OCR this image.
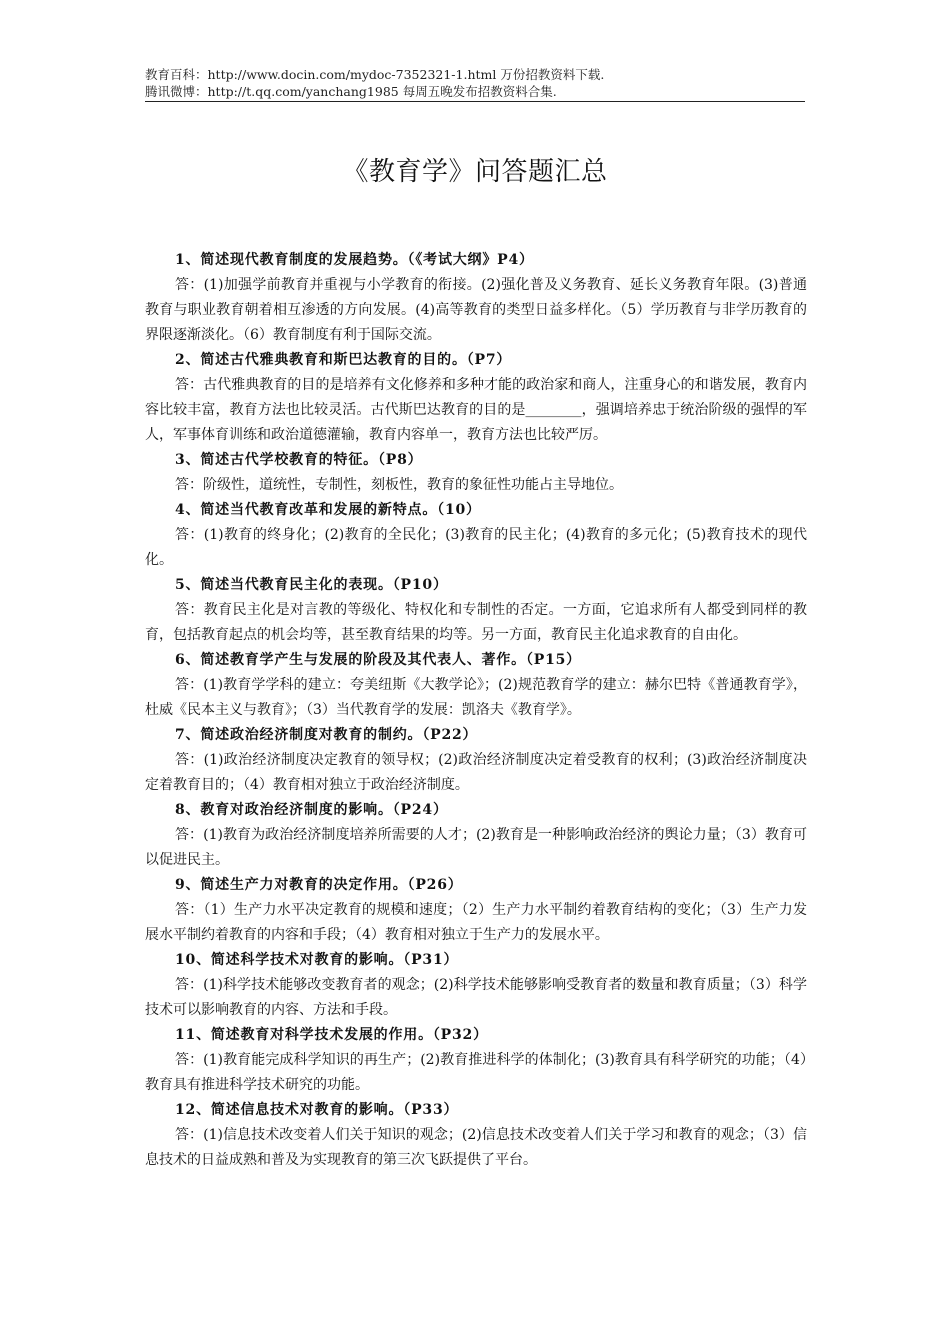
教育百科：http://www.docin.com/mydoc-7352321-1.html 万份招教资料下载.
腾讯微博：http://t.qq.com/yanchang1985 每周五晚发布招教资料合集.
《教育学》问答题汇总
1、简述现代教育制度的发展趋势。（《考试大纲》P4）
答：(1)加强学前教育并重视与小学教育的衔接。(2)强化普及义务教育、延长义务教育年限。(3)普通教育与职业教育朝着相互渗透的方向发展。(4)高等教育的类型日益多样化。（5）学历教育与非学历教育的界限逐渐淡化。（6）教育制度有利于国际交流。
2、简述古代雅典教育和斯巴达教育的目的。（P7）
答：古代雅典教育的目的是培养有文化修养和多种才能的政治家和商人，注重身心的和谐发展，教育内容比较丰富，教育方法也比较灵活。古代斯巴达教育的目的是________，强调培养忠于统治阶级的强悍的军人，军事体育训练和政治道德灌输，教育内容单一，教育方法也比较严厉。
3、简述古代学校教育的特征。（P8）
答：阶级性，道统性，专制性，刻板性，教育的象征性功能占主导地位。
4、简述当代教育改革和发展的新特点。（10）
答：(1)教育的终身化；(2)教育的全民化；(3)教育的民主化；(4)教育的多元化；(5)教育技术的现代化。
5、简述当代教育民主化的表现。（P10）
答：教育民主化是对言教的等级化、特权化和专制性的否定。一方面，它追求所有人都受到同样的教育，包括教育起点的机会均等，甚至教育结果的均等。另一方面，教育民主化追求教育的自由化。
6、简述教育学产生与发展的阶段及其代表人、著作。（P15）
答：(1)教育学学科的建立：夸美纽斯《大教学论》；(2)规范教育学的建立：赫尔巴特《普通教育学》，杜威《民本主义与教育》；（3）当代教育学的发展：凯洛夫《教育学》。
7、简述政治经济制度对教育的制约。（P22）
答：(1)政治经济制度决定教育的领导权；(2)政治经济制度决定着受教育的权利；(3)政治经济制度决定着教育目的；（4）教育相对独立于政治经济制度。
8、教育对政治经济制度的影响。（P24）
答：(1)教育为政治经济制度培养所需要的人才；(2)教育是一种影响政治经济的舆论力量；（3）教育可以促进民主。
9、简述生产力对教育的决定作用。（P26）
答：（1）生产力水平决定教育的规模和速度；（2）生产力水平制约着教育结构的变化；（3）生产力发展水平制约着教育的内容和手段；（4）教育相对独立于生产力的发展水平。
10、简述科学技术对教育的影响。（P31）
答：(1)科学技术能够改变教育者的观念；(2)科学技术能够影响受教育者的数量和教育质量；（3）科学技术可以影响教育的内容、方法和手段。
11、简述教育对科学技术发展的作用。（P32）
答：(1)教育能完成科学知识的再生产；(2)教育推进科学的体制化；(3)教育具有科学研究的功能；（4）教育具有推进科学技术研究的功能。
12、简述信息技术对教育的影响。（P33）
答：(1)信息技术改变着人们关于知识的观念；(2)信息技术改变着人们关于学习和教育的观念；（3）信息技术的日益成熟和普及为实现教育的第三次飞跃提供了平台。
